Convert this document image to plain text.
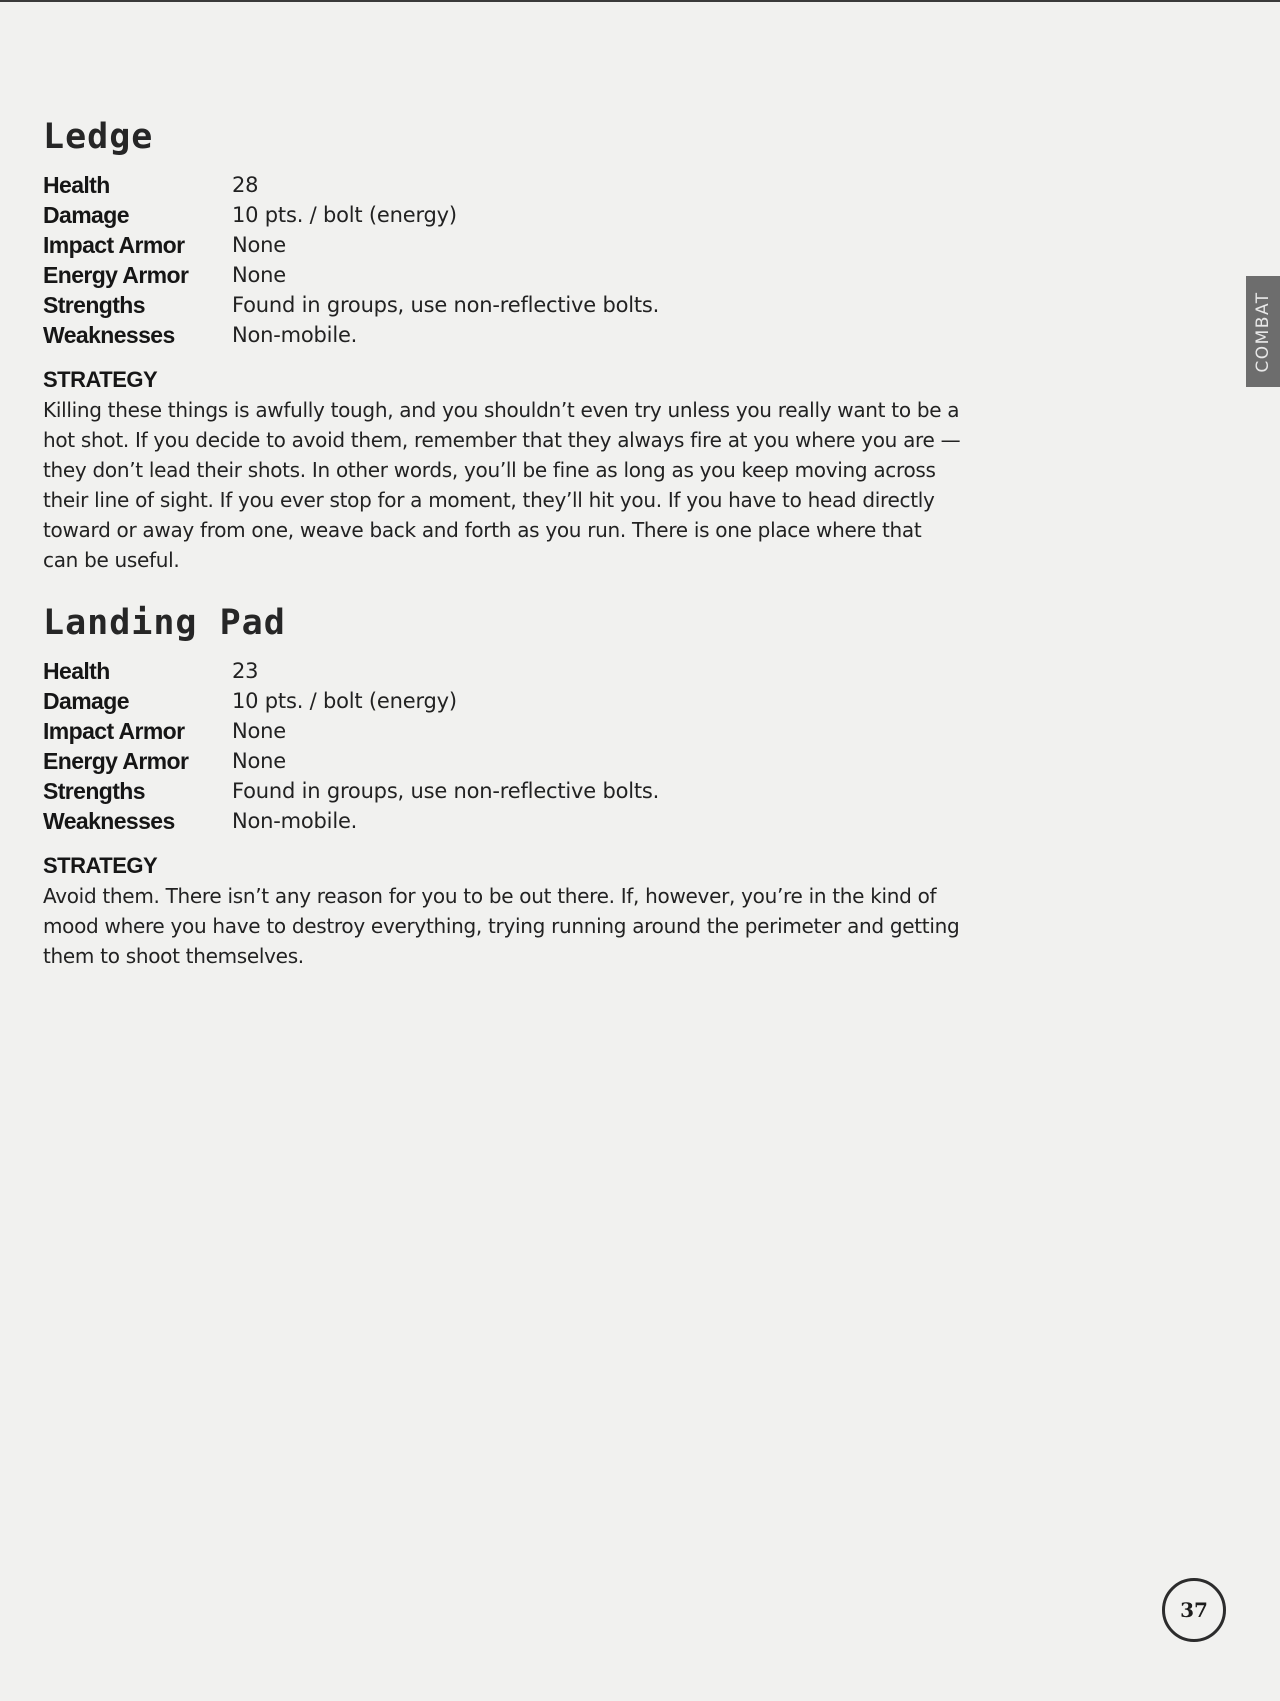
Ledge
Health	28
Damage	10 pts. / bolt (energy)
Impact Armor None
Energy Armor None
Strengths	Found in groups, use non-reflective bolts.
Weaknesses	Non-mobile.
STRATEGY
Killing these things is awfully tough, and you shouldn’t even try unless you really want to be a
hot shot. If you decide to avoid them, remember that they always fire at you where you are —
they don’t lead their shots. In other words, you’ll be fine as long as you keep moving across
their line of sight. If you ever stop for a moment, they’ll hit you. If you have to head directly
toward or away from one, weave back and forth as you run. There is one place where that
can be useful.
Landing Pad
Health	23
Damage	10 pts. / bolt (energy)
Impact Armor None
Energy Armor None
Strengths	Found in groups, use non-reflective bolts.
Weaknesses	Non-mobile.
STRATEGY
Avoid them. There isn’t any reason for you to be out there. If, however, you’re in the kind of
mood where you have to destroy everything, trying running around the perimeter and getting
them to shoot themselves.
COMBAT
37
